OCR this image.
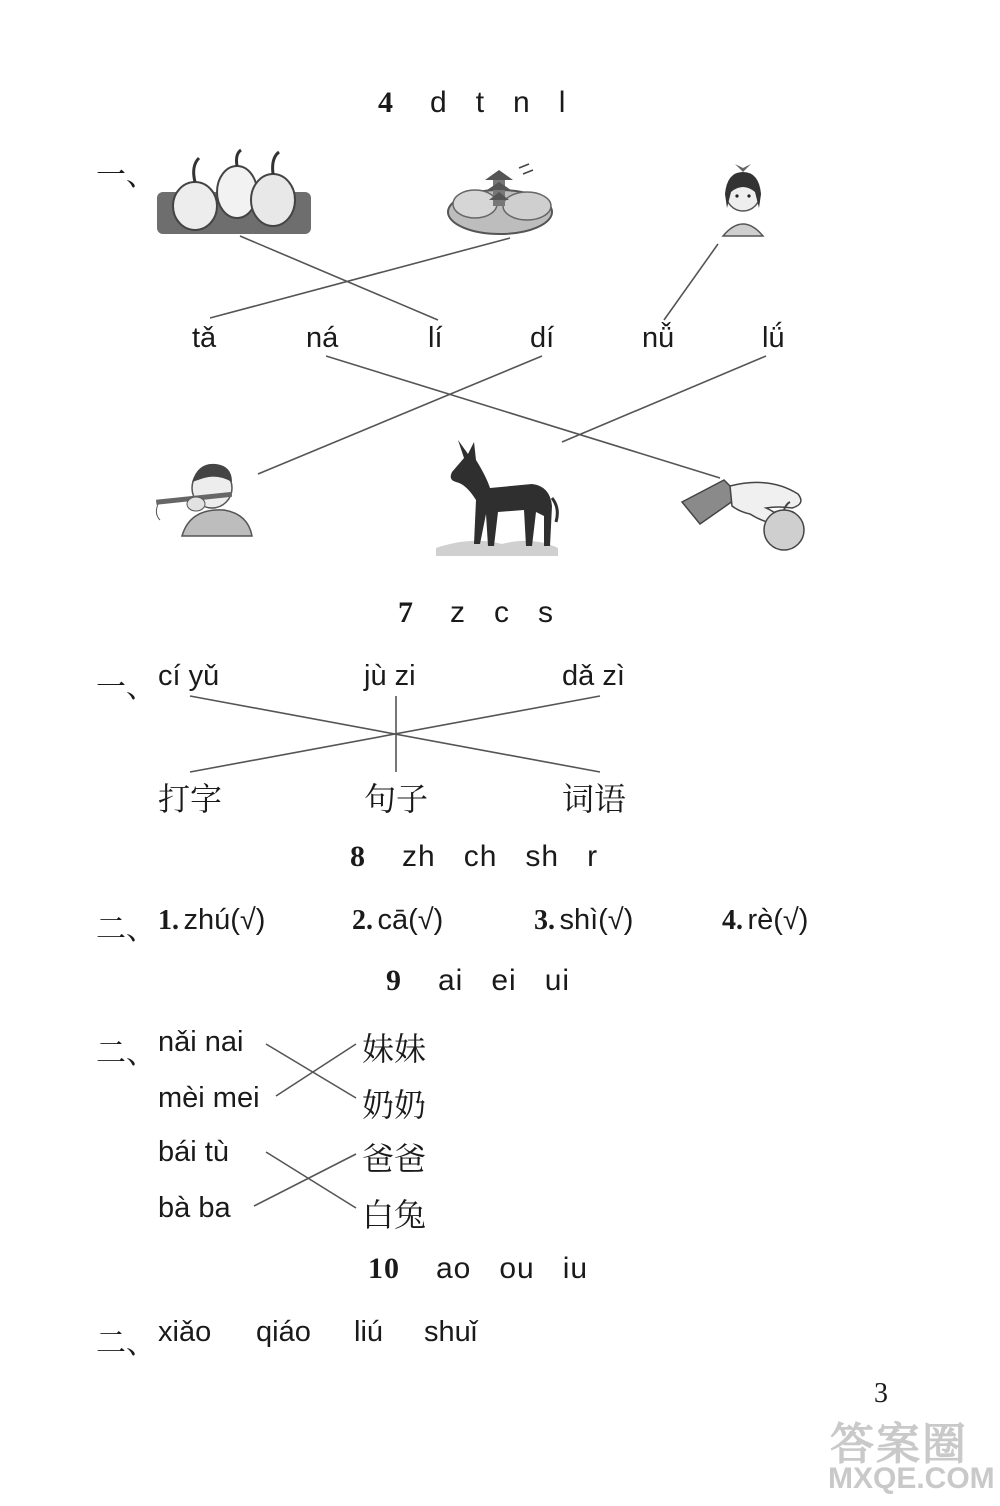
4 d t n l
一、
tǎ	ná	lí	dí	nǚ	lǘ
7 z c s
一、 cí yǔ	jù zi	dǎ zì
打字	句子	词语
8 zh ch sh r
二、 1. zhú(√)	2. cā(√)	3. shì(√)	4. rè(√)
9 ai ei ui
二、 nǎi nai
mèi mei
bái tù
bà ba
妹妹
奶奶
爸爸
白兔
10 ao ou iu
二、 xiǎo qiáo liú shuǐ
3
答案圈
MXQE.COM
